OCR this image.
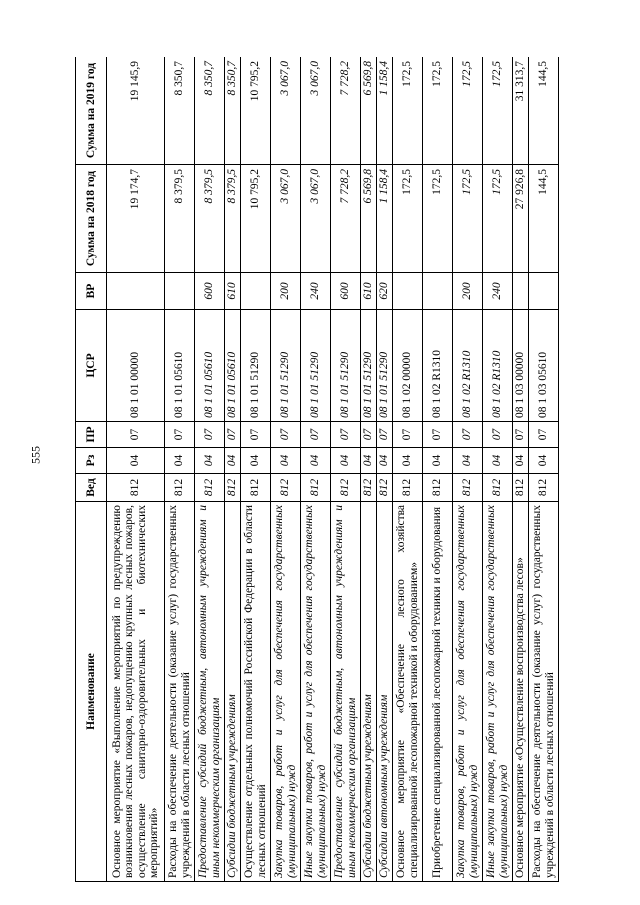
555
Наименование	Вед	Рз	ПР	ЦСР	ВР	Сумма на 2018 год	Сумма на 2019 год
Основное мероприятие «Выполнение мероприятий по предупреждению возникновения лесных пожаров, недопущению крупных лесных пожаров, осуществление санитарно-оздоровительных и биотехнических мероприятий»	812	04	07	08 1 01 00000		19 174,7	19 145,9
Расходы на обеспечение деятельности (оказание услуг) государственных учреждений в области лесных отношений	812	04	07	08 1 01 05610		8 379,5	8 350,7
Предоставление субсидий бюджетным, автономным учреждениям и иным некоммерческим организациям	812	04	07	08 1 01 05610	600	8 379,5	8 350,7
Субсидии бюджетным учреждениям	812	04	07	08 1 01 05610	610	8 379,5	8 350,7
Осуществление отдельных полномочий Российской Федерации в области лесных отношений	812	04	07	08 1 01 51290		10 795,2	10 795,2
Закупка товаров, работ и услуг для обеспечения государственных (муниципальных) нужд	812	04	07	08 1 01 51290	200	3 067,0	3 067,0
Иные закупки товаров, работ и услуг для обеспечения государственных (муниципальных) нужд	812	04	07	08 1 01 51290	240	3 067,0	3 067,0
Предоставление субсидий бюджетным, автономным учреждениям и иным некоммерческим организациям	812	04	07	08 1 01 51290	600	7 728,2	7 728,2
Субсидии бюджетным учреждениям	812	04	07	08 1 01 51290	610	6 569,8	6 569,8
Субсидии автономным учреждениям	812	04	07	08 1 01 51290	620	1 158,4	1 158,4
Основное мероприятие «Обеспечение лесного хозяйства специализированной лесопожарной техникой и оборудованием»	812	04	07	08 1 02 00000		172,5	172,5
Приобретение специализированной лесопожарной техники и оборудования	812	04	07	08 1 02 R1310		172,5	172,5
Закупка товаров, работ и услуг для обеспечения государственных (муниципальных) нужд	812	04	07	08 1 02 R1310	200	172,5	172,5
Иные закупки товаров, работ и услуг для обеспечения государственных (муниципальных) нужд	812	04	07	08 1 02 R1310	240	172,5	172,5
Основное мероприятие «Осуществление воспроизводства лесов»	812	04	07	08 1 03 00000		27 926,8	31 313,7
Расходы на обеспечение деятельности (оказание услуг) государственных учреждений в области лесных отношений	812	04	07	08 1 03 05610		144,5	144,5
